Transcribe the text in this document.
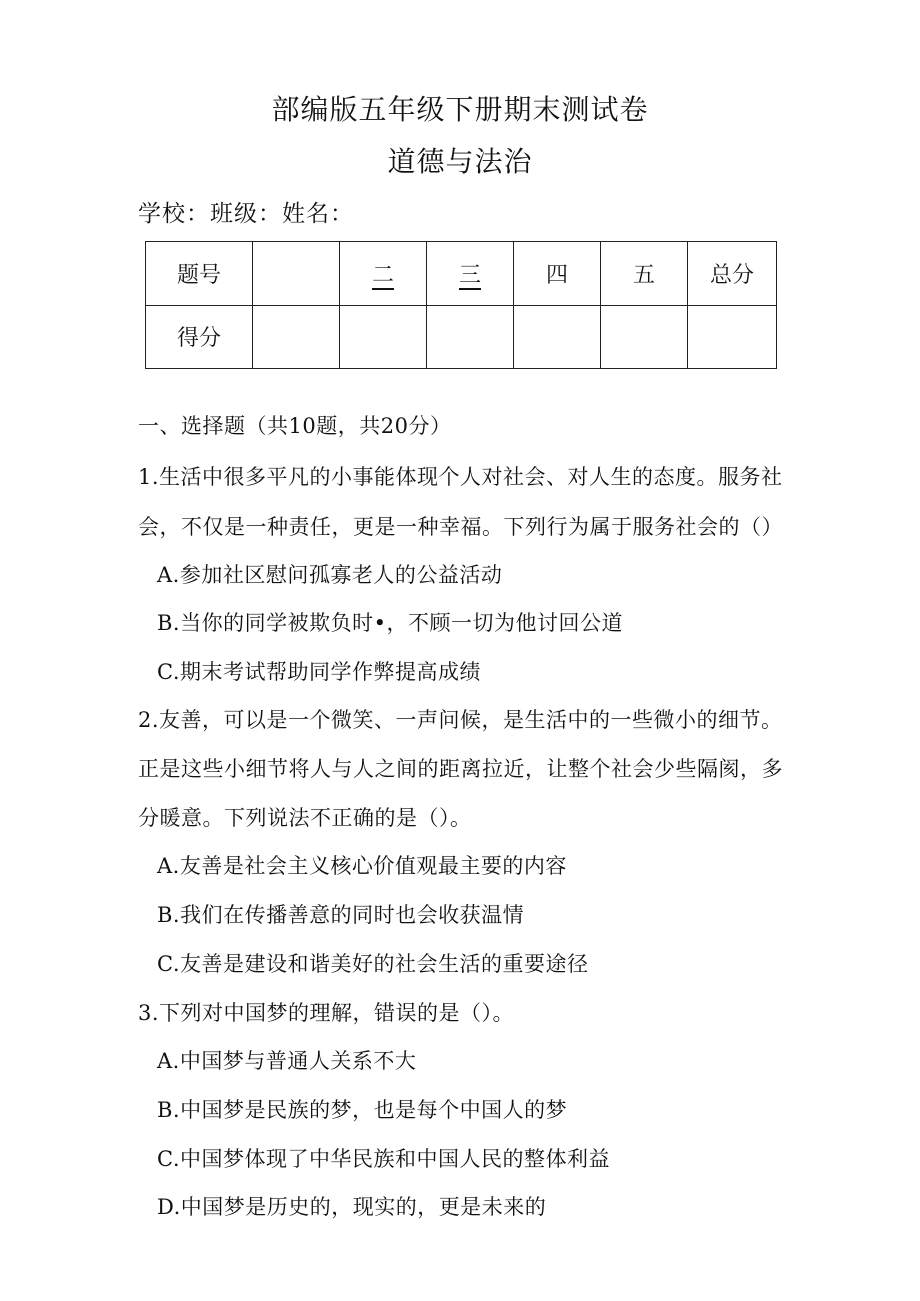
部编版五年级下册期末测试卷
道德与法治
学校：班级：姓名：
题号		二	三	四	五	总分
得分						
一、选择题（共10题，共20分）
1.生活中很多平凡的小事能体现个人对社会、对人生的态度。服务社
会，不仅是一种责任，更是一种幸福。下列行为属于服务社会的（）
A.参加社区慰问孤寡老人的公益活动
B.当你的同学被欺负时•，不顾一切为他讨回公道
C.期末考试帮助同学作弊提高成绩
2.友善，可以是一个微笑、一声问候，是生活中的一些微小的细节。
正是这些小细节将人与人之间的距离拉近，让整个社会少些隔阂，多
分暖意。下列说法不正确的是（）。
A.友善是社会主义核心价值观最主要的内容
B.我们在传播善意的同时也会收获温情
C.友善是建设和谐美好的社会生活的重要途径
3.下列对中国梦的理解，错误的是（）。
A.中国梦与普通人关系不大
B.中国梦是民族的梦，也是每个中国人的梦
C.中国梦体现了中华民族和中国人民的整体利益
D.中国梦是历史的，现实的，更是未来的
